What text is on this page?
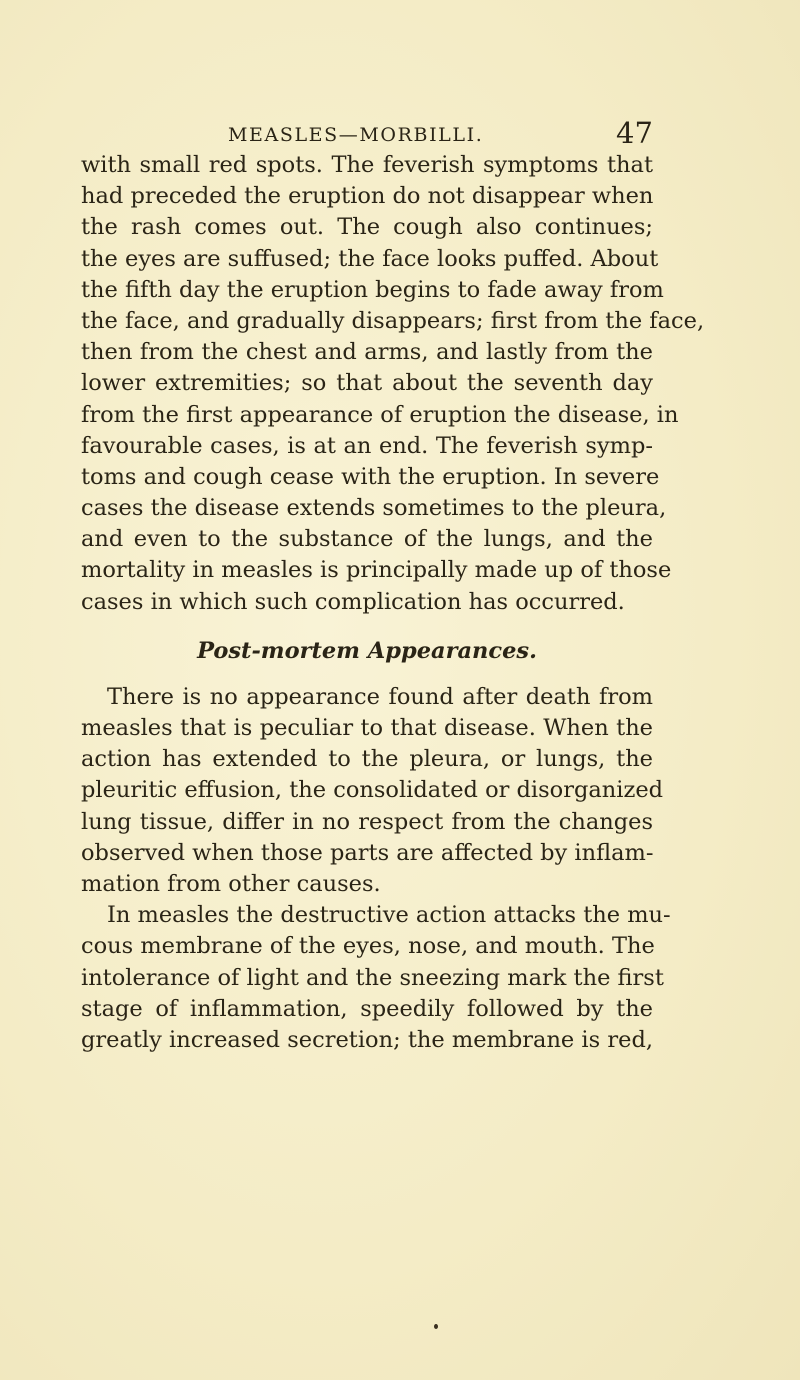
MEASLES—MORBILLI.	47
with small red spots. The feverish symptoms that
had preceded the eruption do not disappear when
the rash comes out. The cough also continues;
the eyes are suffused; the face looks puffed. About
the fifth day the eruption begins to fade away from
the face, and gradually disappears; first from the face,
then from the chest and arms, and lastly from the
lower extremities; so that about the seventh day
from the first appearance of eruption the disease, in
favourable cases, is at an end. The feverish symp-
toms and cough cease with the eruption. In severe
cases the disease extends sometimes to the pleura,
and even to the substance of the lungs, and the
mortality in measles is principally made up of those
cases in which such complication has occurred.
Post-mortem Appearances.
There is no appearance found after death from
measles that is peculiar to that disease. When the
action has extended to the pleura, or lungs, the
pleuritic effusion, the consolidated or disorganized
lung tissue, differ in no respect from the changes
observed when those parts are affected by inflam-
mation from other causes.
In measles the destructive action attacks the mu-
cous membrane of the eyes, nose, and mouth. The
intolerance of light and the sneezing mark the first
stage of inflammation, speedily followed by the
greatly increased secretion; the membrane is red,
